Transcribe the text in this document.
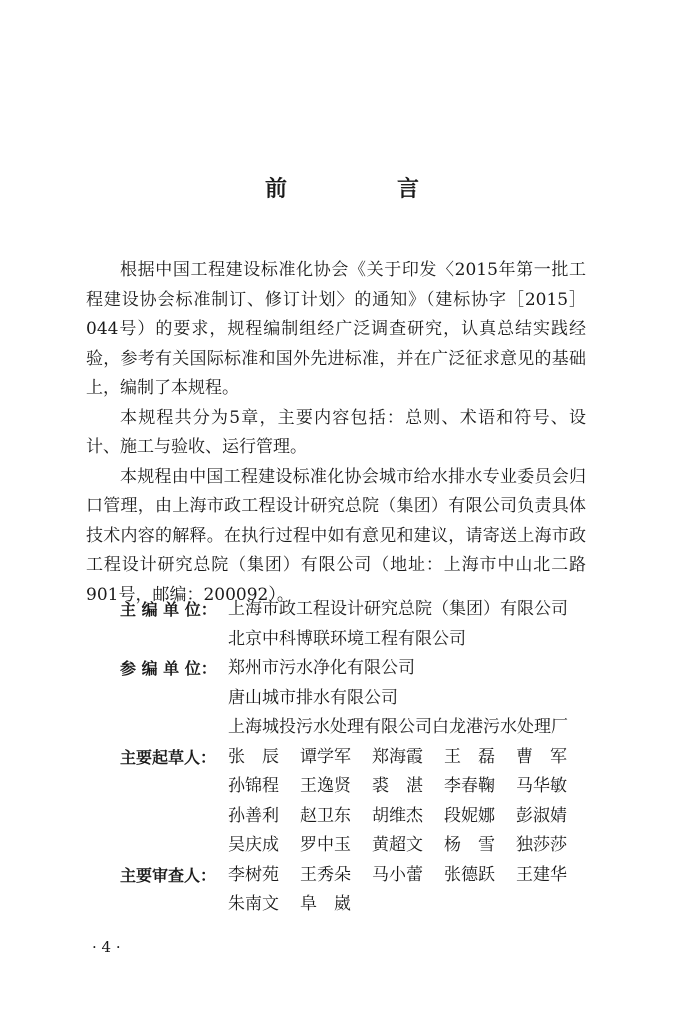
前　言

根据中国工程建设标准化协会《关于印发〈2015年第一批工程建设协会标准制订、修订计划〉的通知》（建标协字［2015］044号）的要求，规程编制组经广泛调查研究，认真总结实践经验，参考有关国际标准和国外先进标准，并在广泛征求意见的基础上，编制了本规程。

本规程共分为5章，主要内容包括：总则、术语和符号、设计、施工与验收、运行管理。

本规程由中国工程建设标准化协会城市给水排水专业委员会归口管理，由上海市政工程设计研究总院（集团）有限公司负责具体技术内容的解释。在执行过程中如有意见和建议，请寄送上海市政工程设计研究总院（集团）有限公司（地址：上海市中山北二路901号，邮编：200092）。

主 编 单 位： 上海市政工程设计研究总院（集团）有限公司
北京中科博联环境工程有限公司
参 编 单 位： 郑州市污水净化有限公司
唐山城市排水有限公司
上海城投污水处理有限公司白龙港污水处理厂
主要起草人： 张　辰	谭学军	郑海霞	王　磊	曹　军
孙锦程	王逸贤	裘　湛	李春鞠	马华敏
孙善利	赵卫东	胡维杰	段妮娜	彭淑婧
吴庆成	罗中玉	黄超文	杨　雪	独莎莎
主要审查人： 李树苑	王秀朵	马小蕾	张德跃	王建华
朱南文	阜　崴
· 4 ·
